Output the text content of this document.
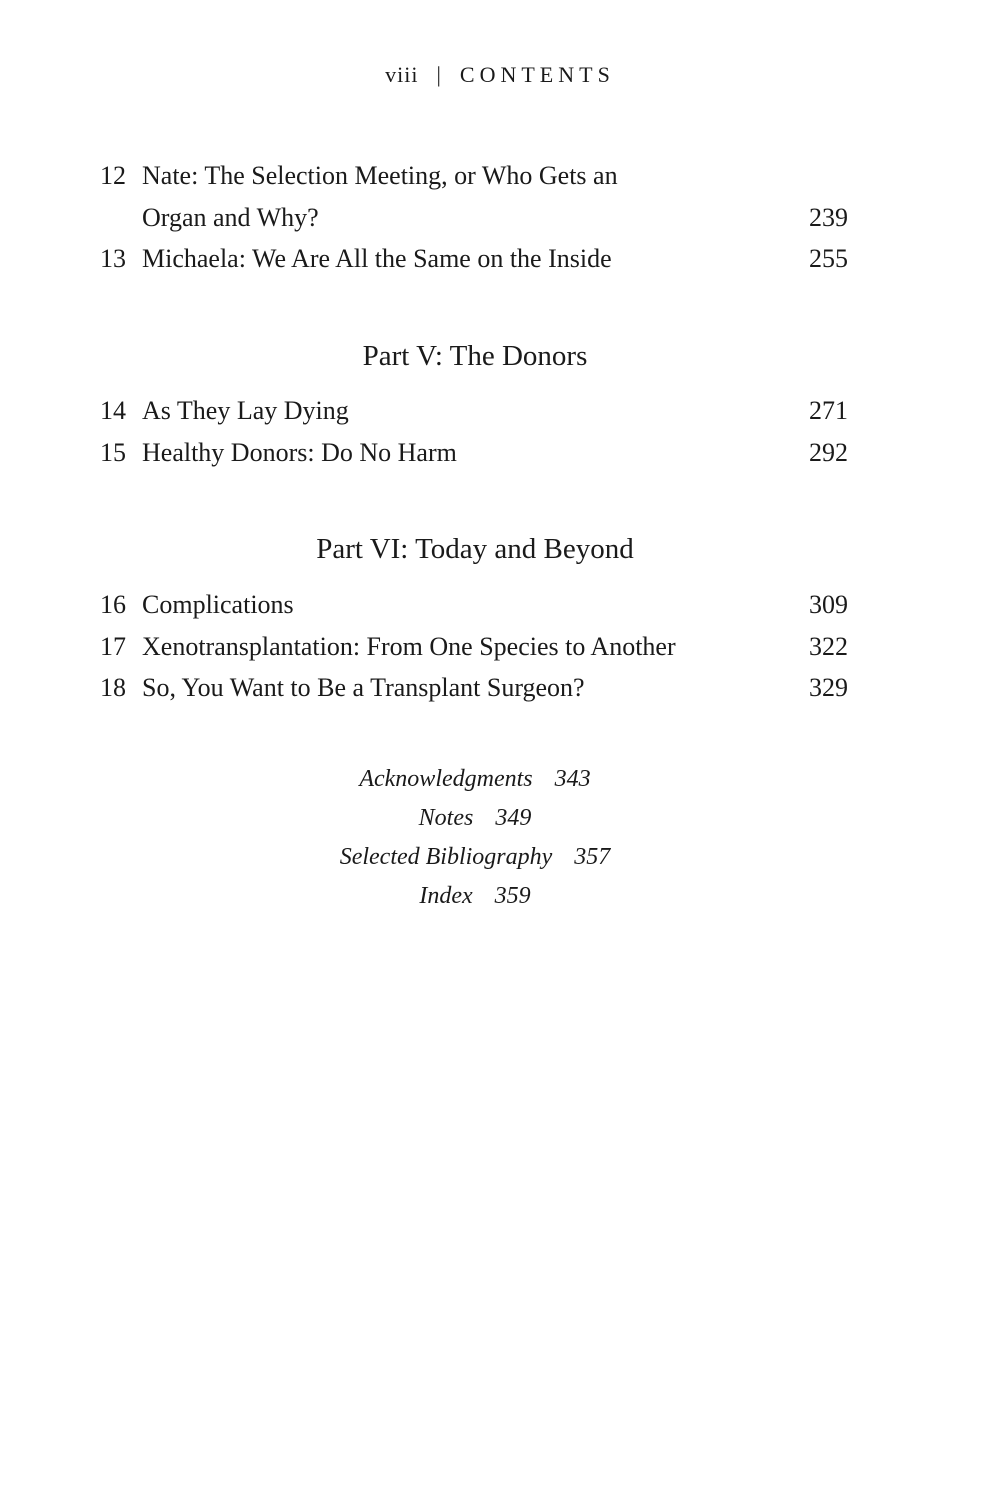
viii | CONTENTS
12 Nate: The Selection Meeting, or Who Gets an
Organ and Why?	239
13 Michaela: We Are All the Same on the Inside	255
Part V: The Donors
14 As They Lay Dying	271
15 Healthy Donors: Do No Harm	292
Part VI: Today and Beyond
16 Complications	309
17 Xenotransplantation: From One Species to Another	322
18 So, You Want to Be a Transplant Surgeon?	329
Acknowledgments 343
Notes 349
Selected Bibliography 357
Index 359
